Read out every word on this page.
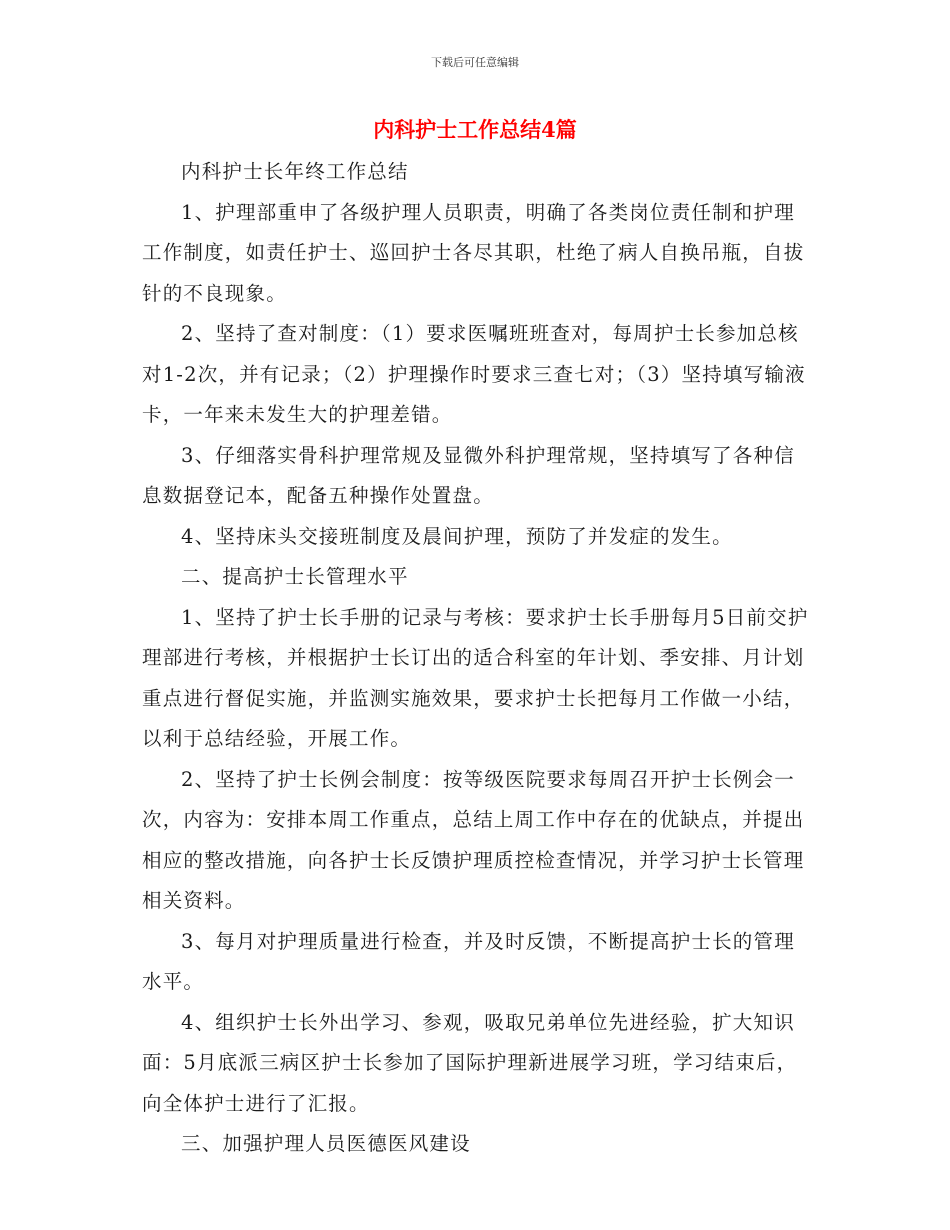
下载后可任意编辑
内科护士工作总结4篇

内科护士长年终工作总结

1、护理部重申了各级护理人员职责，明确了各类岗位责任制和护理工作制度，如责任护士、巡回护士各尽其职，杜绝了病人自换吊瓶，自拔针的不良现象。

2、坚持了查对制度：（1）要求医嘱班班查对，每周护士长参加总核对1-2次，并有记录；（2）护理操作时要求三查七对；（3）坚持填写输液卡，一年来未发生大的护理差错。

3、仔细落实骨科护理常规及显微外科护理常规，坚持填写了各种信息数据登记本，配备五种操作处置盘。

4、坚持床头交接班制度及晨间护理，预防了并发症的发生。

二、提高护士长管理水平

1、坚持了护士长手册的记录与考核：要求护士长手册每月5日前交护理部进行考核，并根据护士长订出的适合科室的年计划、季安排、月计划重点进行督促实施，并监测实施效果，要求护士长把每月工作做一小结，以利于总结经验，开展工作。

2、坚持了护士长例会制度：按等级医院要求每周召开护士长例会一次，内容为：安排本周工作重点，总结上周工作中存在的优缺点，并提出相应的整改措施，向各护士长反馈护理质控检查情况，并学习护士长管理相关资料。

3、每月对护理质量进行检查，并及时反馈，不断提高护士长的管理水平。

4、组织护士长外出学习、参观，吸取兄弟单位先进经验，扩大知识面：5月底派三病区护士长参加了国际护理新进展学习班，学习结束后，向全体护士进行了汇报。

三、加强护理人员医德医风建设
